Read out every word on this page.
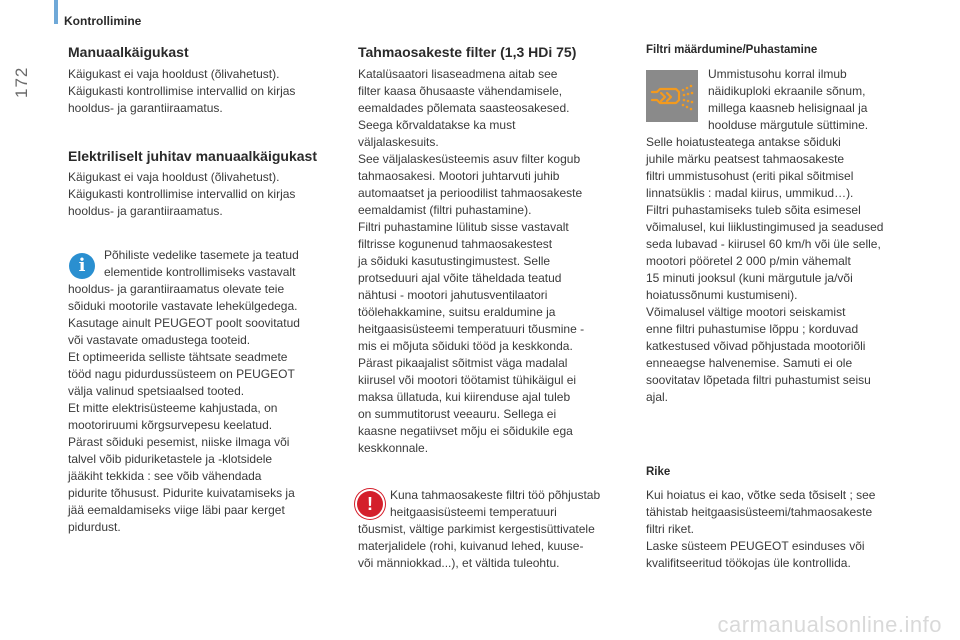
Kontrollimine
172
Manuaalkäigukast
Käigukast ei vaja hooldust (õlivahetust).
Käigukasti kontrollimise intervallid on kirjas
hooldus- ja garantiiraamatus.
Elektriliselt juhitav manuaalkäigukast
Käigukast ei vaja hooldust (õlivahetust).
Käigukasti kontrollimise intervallid on kirjas
hooldus- ja garantiiraamatus.
i	Põhiliste vedelike tasemete ja teatud
elementide kontrollimiseks vastavalt
hooldus- ja garantiiraamatus olevate teie
sõiduki mootorile vastavate lehekülgedega.
Kasutage ainult PEUGEOT poolt soovitatud
või vastavate omadustega tooteid.
Et optimeerida selliste tähtsate seadmete
tööd nagu pidurdussüsteem on PEUGEOT
välja valinud spetsiaalsed tooted.
Et mitte elektrisüsteeme kahjustada, on
mootoriruumi kõrgsurvepesu keelatud.
Pärast sõiduki pesemist, niiske ilmaga või
talvel võib piduriketastele ja -klotsidele
jääkiht tekkida : see võib vähendada
pidurite tõhusust. Pidurite kuivatamiseks ja
jää eemaldamiseks viige läbi paar kerget
pidurdust.
Tahmaosakeste filter (1,3 HDi 75)
Katalüsaatori lisaseadmena aitab see
filter kaasa õhusaaste vähendamisele,
eemaldades põlemata saasteosakesed.
Seega kõrvaldatakse ka must
väljalaskesuits.
See väljalaskesüsteemis asuv filter kogub
tahmaosakesi. Mootori juhtarvuti juhib
automaatset ja perioodilist tahmaosakeste
eemaldamist (filtri puhastamine).
Filtri puhastamine lülitub sisse vastavalt
filtrisse kogunenud tahmaosakestest
ja sõiduki kasutustingimustest. Selle
protseduuri ajal võite täheldada teatud
nähtusi - mootori jahutusventilaatori
töölehakkamine, suitsu eraldumine ja
heitgaasisüsteemi temperatuuri tõusmine -
mis ei mõjuta sõiduki tööd ja keskkonda.
Pärast pikaajalist sõitmist väga madalal
kiirusel või mootori töötamist tühikäigul ei
maksa üllatuda, kui kiirenduse ajal tuleb
on summutitorust veeauru. Sellega ei
kaasne negatiivset mõju ei sõidukile ega
keskkonnale.
!	Kuna tahmaosakeste filtri töö põhjustab
heitgaasisüsteemi temperatuuri
tõusmist, vältige parkimist kergestisüttivatele
materjalidele (rohi, kuivanud lehed, kuuse-
või männiokkad...), et vältida tuleohtu.
Filtri määrdumine/Puhastamine
Ummistusohu korral ilmub
näidikuploki ekraanile sõnum,
millega kaasneb helisignaal ja
hoolduse märgutule süttimine.
Selle hoiatusteatega antakse sõiduki
juhile märku peatsest tahmaosakeste
filtri ummistusohust (eriti pikal sõitmisel
linnatsüklis : madal kiirus, ummikud…).
Filtri puhastamiseks tuleb sõita esimesel
võimalusel, kui liiklustingimused ja seadused
seda lubavad - kiirusel 60 km/h või üle selle,
mootori pööretel 2 000 p/min vähemalt
15 minuti jooksul (kuni märgutule ja/või
hoiatussõnumi kustumiseni).
Võimalusel vältige mootori seiskamist
enne filtri puhastumise lõppu ; korduvad
katkestused võivad põhjustada mootoriõli
enneaegse halvenemise. Samuti ei ole
soovitatav lõpetada filtri puhastumist seisu
ajal.
Rike
Kui hoiatus ei kao, võtke seda tõsiselt ; see
tähistab heitgaasisüsteemi/tahmaosakeste
filtri riket.
Laske süsteem PEUGEOT esinduses või
kvalifitseeritud töökojas üle kontrollida.
carmanualsonline.info
